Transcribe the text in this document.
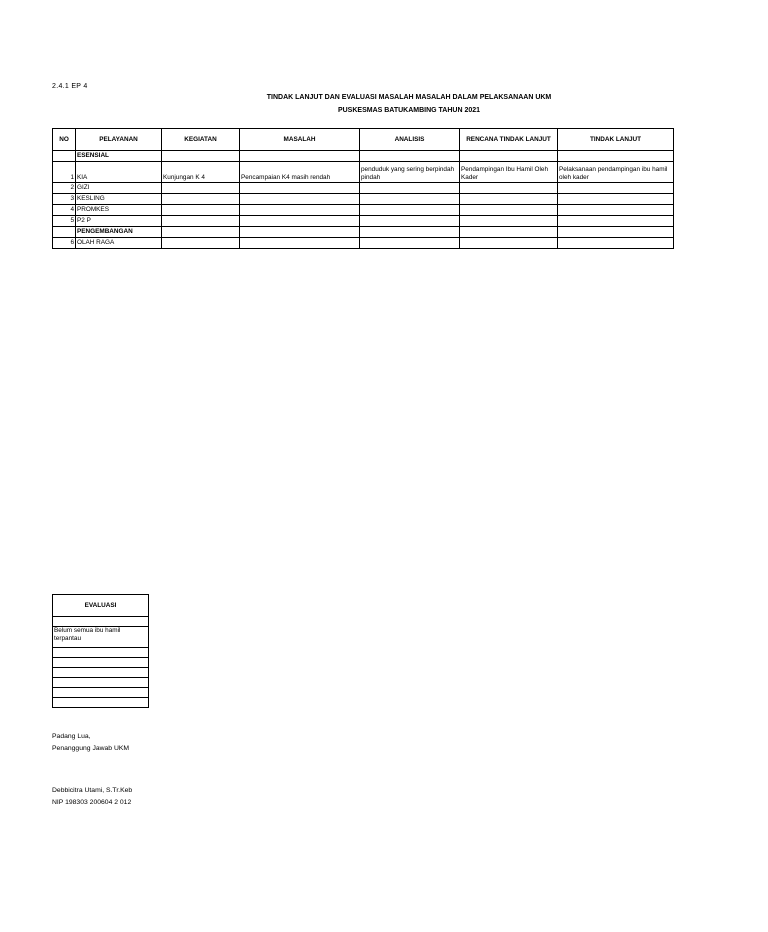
2.4.1 EP 4
TINDAK LANJUT DAN EVALUASI MASALAH MASALAH DALAM PELAKSANAAN UKM
PUSKESMAS BATUKAMBING TAHUN 2021
NO	PELAYANAN	KEGIATAN	MASALAH	ANALISIS	RENCANA TINDAK LANJUT	TINDAK LANJUT
	ESENSIAL					
1	KIA	Kunjungan K 4	Pencampaian K4 masih rendah	penduduk yang sering berpindah pindah	Pendampingan Ibu Hamil Oleh Kader	Pelaksanaan pendampingan ibu hamil oleh kader
2	GIZI					
3	KESLING					
4	PROMKES					
5	P2 P					
	PENGEMBANGAN					
6	OLAH RAGA					
EVALUASI

Belum semua ibu hamil terpantau

Padang Lua,
Penanggung Jawab UKM
Debbicitra Utami, S.Tr.Keb
NIP 198303 200604 2 012
